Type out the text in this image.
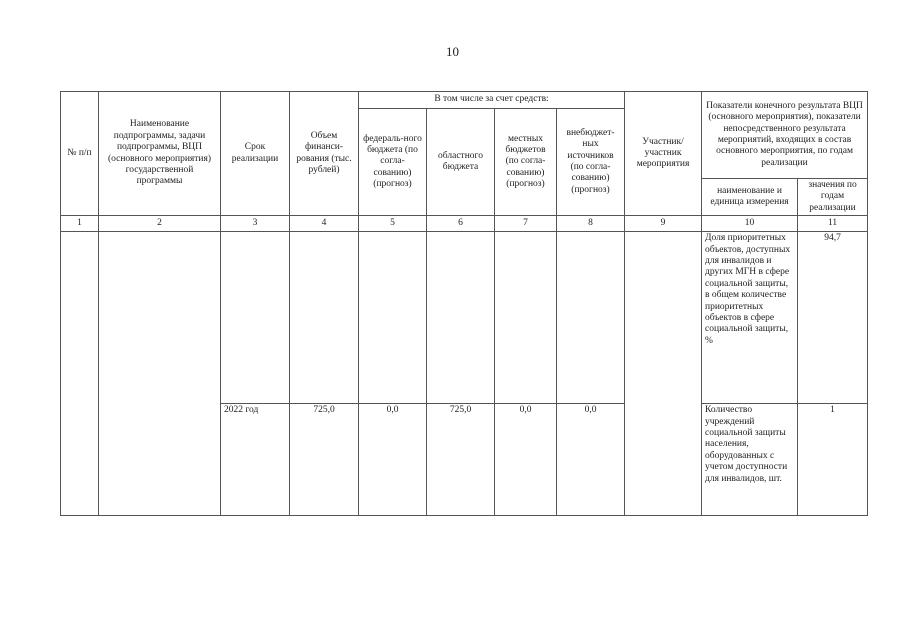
10
№ п/п	Наименование подпрограммы, задачи подпрограммы, ВЦП (основного мероприятия) государственной программы	Срок реализации	Объем финанси-рования (тыс. рублей)	В том числе за счет средств:				Участник/ участник мероприятия	Показатели конечного результата ВЦП (основного мероприятия), показатели непосредственного результата мероприятий, входящих в состав основного мероприятия, по годам реализации	
				федераль-ного бюджета (по согла-сованию) (прогноз)	областного бюджета	местных бюджетов (по согла-сованию) (прогноз)	внебюджет-ных источников (по согла-сованию) (прогноз)			
									наименование и единица измерения	значения по годам реализации
1	2	3	4	5	6	7	8	9	10	11
									Доля приоритетных объектов, доступных для инвалидов и других МГН в сфере социальной защиты, в общем количестве приоритетных объектов в сфере социальной защиты, %	94,7
		2022 год	725,0	0,0	725,0	0,0	0,0		Количество учреждений социальной защиты населения, оборудованных с учетом доступности для инвалидов, шт.	1
